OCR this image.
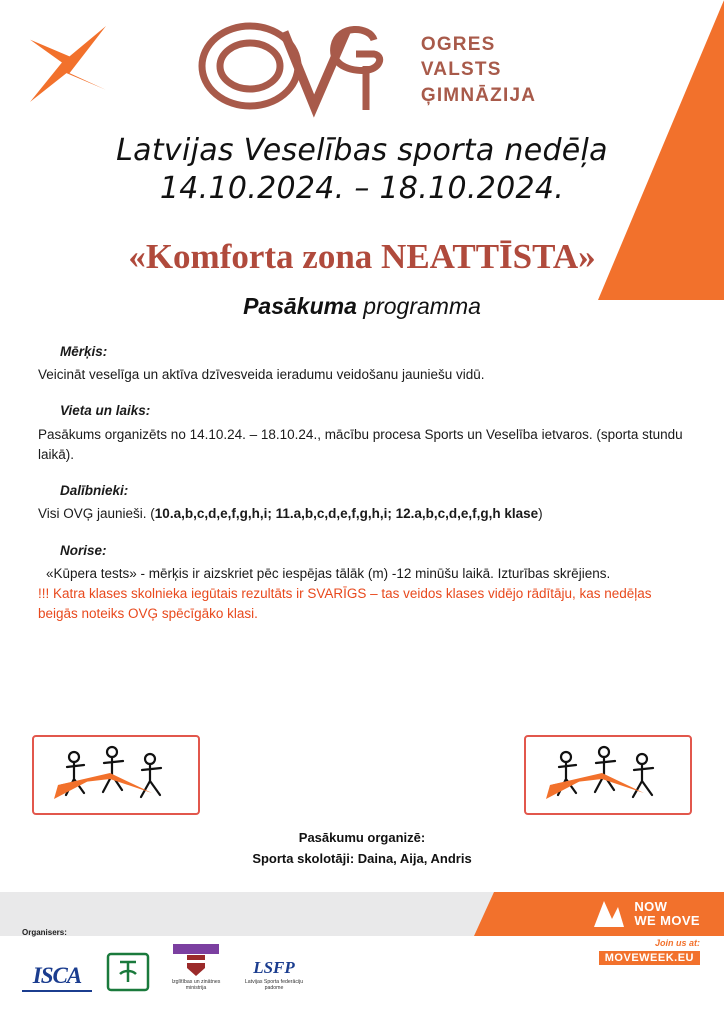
OGRES
VALSTS
ĢIMNĀZIJA
Latvijas Veselības sporta nedēļa
14.10.2024. – 18.10.2024.
«Komforta zona NEATTĪSTA»
Pasākuma programma
Mērķis:
Veicināt veselīga un aktīva dzīvesveida ieradumu veidošanu jauniešu vidū.
Vieta un laiks:
Pasākums organizēts no 14.10.24. – 18.10.24., mācību procesa Sports un Veselība ietvaros. (sporta stundu laikā).
Dalībnieki:
Visi OVĢ jaunieši. (10.a,b,c,d,e,f,g,h,i; 11.a,b,c,d,e,f,g,h,i; 12.a,b,c,d,e,f,g,h klase)
Norise:
«Kūpera tests» - mērķis ir aizskriet pēc iespējas tālāk (m) -12 minūšu laikā. Izturības skrējiens.
!!! Katra klases skolnieka iegūtais rezultāts ir SVARĪGS – tas veidos klases vidējo rādītāju, kas nedēļas beigās noteiks OVĢ spēcīgāko klasi.
Pasākumu organizē:
Sporta skolotāji: Daina, Aija, Andris
NOW
WE MOVE
Join us at:
MOVEWEEK.EU
Organisers:
ISCA	Izglītības un zinātnes ministrija
LSFP
Latvijas Sporta federāciju padome
